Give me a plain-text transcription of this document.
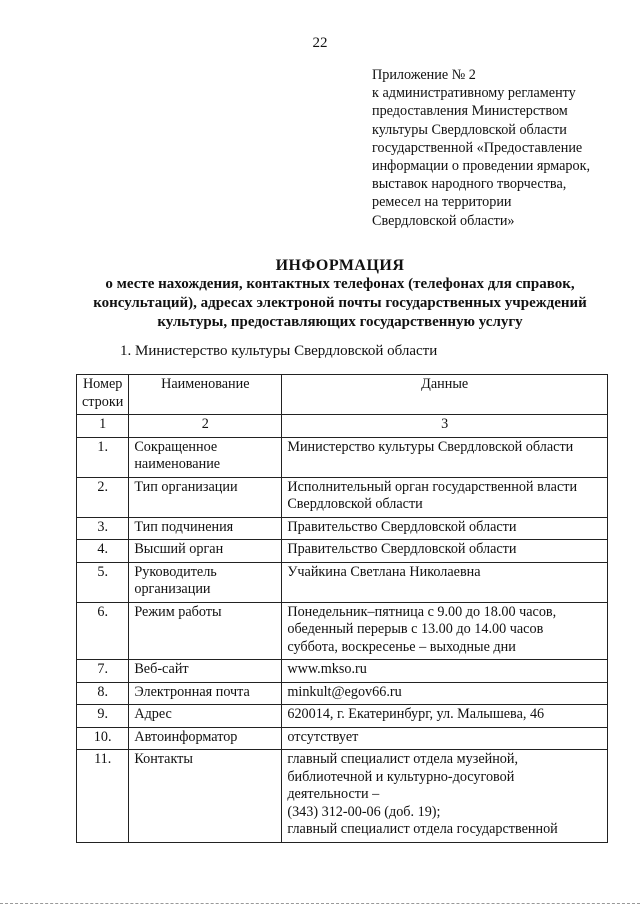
22
Приложение № 2
к административному регламенту
предоставления Министерством
культуры Свердловской области
государственной «Предоставление
информации о проведении ярмарок,
выставок народного творчества,
ремесел на территории
Свердловской области»
ИНФОРМАЦИЯ
о месте нахождения, контактных телефонах (телефонах для справок,
консультаций), адресах электроной почты государственных учреждений
культуры, предоставляющих государственную услугу
1. Министерство культуры Свердловской области
Номер строки	Наименование	Данные
1	2	3
1.	Сокращенное наименование	Министерство культуры Свердловской области

2.	Тип организации	Исполнительный орган государственной власти Свердловской области

3.	Тип подчинения	Правительство Свердловской области

4.	Высший орган	Правительство Свердловской области

5.	Руководитель организации	Учайкина Светлана Николаевна

6.	Режим работы	Понедельник–пятница с 9.00 до 18.00 часов,
обеденный перерыв с 13.00 до 14.00 часов
суббота, воскресенье – выходные дни

7.	Веб-сайт	www.mkso.ru

8.	Электронная почта	minkult@egov66.ru

9.	Адрес	620014, г. Екатеринбург, ул. Малышева, 46

10.	Автоинформатор	отсутствует

11.	Контакты	главный специалист отдела музейной,
библиотечной и культурно-досуговой
деятельности –
(343) 312-00-06 (доб. 19);
главный специалист отдела государственной
